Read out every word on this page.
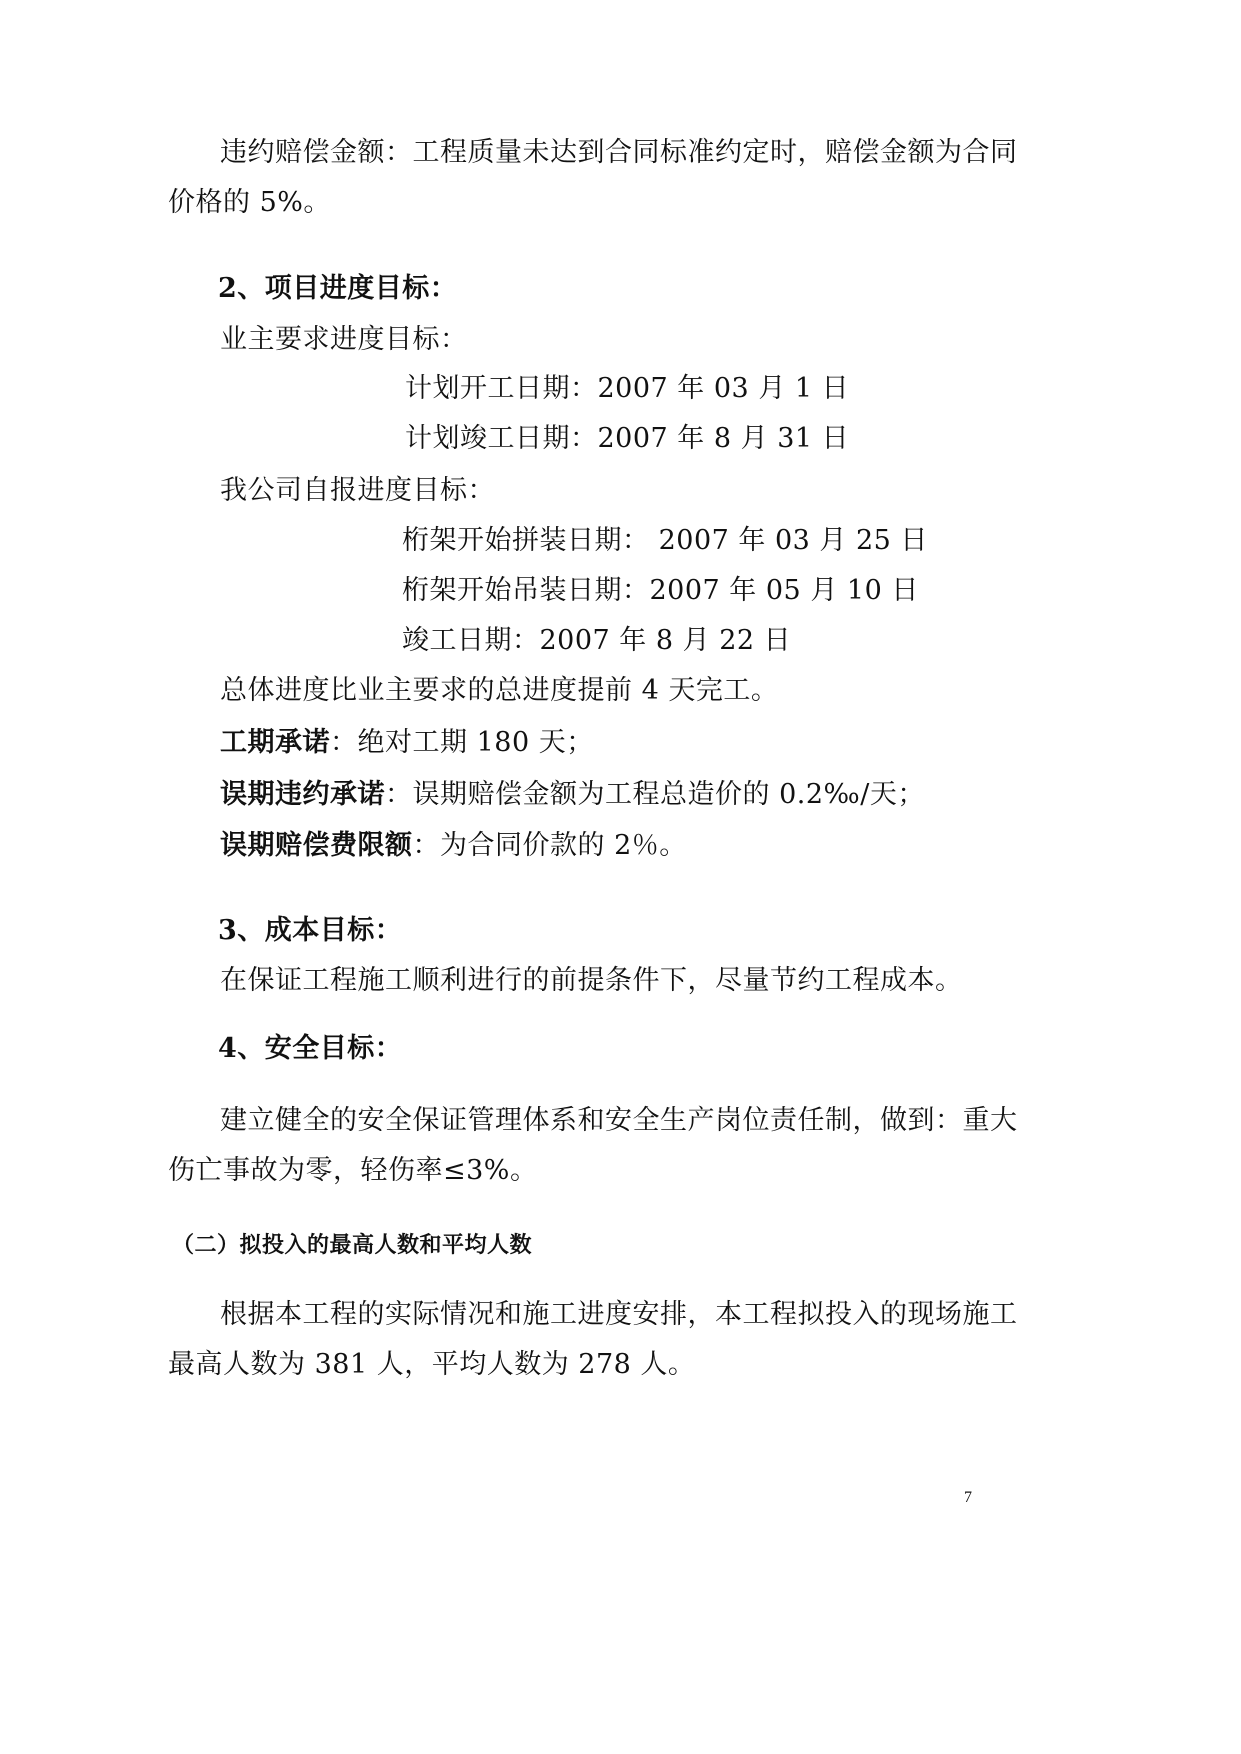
违约赔偿金额：工程质量未达到合同标准约定时，赔偿金额为合同
价格的 5%。
2、项目进度目标：
业主要求进度目标：
计划开工日期：2007 年 03 月 1 日
计划竣工日期：2007 年 8 月 31 日
我公司自报进度目标：
桁架开始拼装日期： 2007 年 03 月 25 日
桁架开始吊装日期：2007 年 05 月 10 日
竣工日期：2007 年 8 月 22 日
总体进度比业主要求的总进度提前 4 天完工。
工期承诺：绝对工期 180 天；
误期违约承诺：误期赔偿金额为工程总造价的 0.2‰/天；
误期赔偿费限额：为合同价款的 2％。
3、成本目标：
在保证工程施工顺利进行的前提条件下，尽量节约工程成本。
4、安全目标：
建立健全的安全保证管理体系和安全生产岗位责任制，做到：重大
伤亡事故为零，轻伤率≤3%。
（二）拟投入的最高人数和平均人数
根据本工程的实际情况和施工进度安排，本工程拟投入的现场施工
最高人数为 381 人，平均人数为 278 人。
7
